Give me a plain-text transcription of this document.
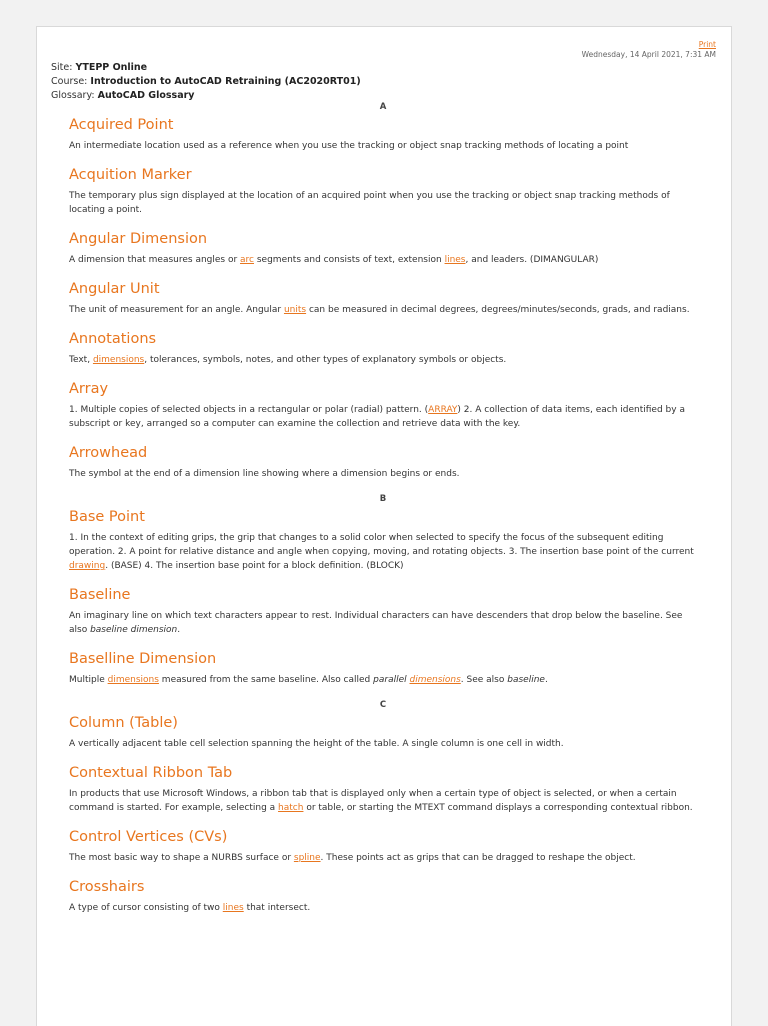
Print
Wednesday, 14 April 2021, 7:31 AM
Site: YTEPP Online
Course: Introduction to AutoCAD Retraining (AC2020RT01)
Glossary: AutoCAD Glossary
A
Acquired Point

An intermediate location used as a reference when you use the tracking or object snap tracking methods of locating a point

Acquition Marker

The temporary plus sign displayed at the location of an acquired point when you use the tracking or object snap tracking methods of locating a point.

Angular Dimension

A dimension that measures angles or arc segments and consists of text, extension lines, and leaders. (DIMANGULAR)

Angular Unit

The unit of measurement for an angle. Angular units can be measured in decimal degrees, degrees/minutes/seconds, grads, and radians.

Annotations

Text, dimensions, tolerances, symbols, notes, and other types of explanatory symbols or objects.

Array

1. Multiple copies of selected objects in a rectangular or polar (radial) pattern. (ARRAY) 2. A collection of data items, each identified by a subscript or key, arranged so a computer can examine the collection and retrieve data with the key.

Arrowhead

The symbol at the end of a dimension line showing where a dimension begins or ends.

B
Base Point

1. In the context of editing grips, the grip that changes to a solid color when selected to specify the focus of the subsequent editing operation. 2. A point for relative distance and angle when copying, moving, and rotating objects. 3. The insertion base point of the current drawing. (BASE) 4. The insertion base point for a block definition. (BLOCK)

Baseline

An imaginary line on which text characters appear to rest. Individual characters can have descenders that drop below the baseline. See also baseline dimension.

Baselline Dimension

Multiple dimensions measured from the same baseline. Also called parallel dimensions. See also baseline.

C
Column (Table)

A vertically adjacent table cell selection spanning the height of the table. A single column is one cell in width.

Contextual Ribbon Tab

In products that use Microsoft Windows, a ribbon tab that is displayed only when a certain type of object is selected, or when a certain command is started. For example, selecting a hatch or table, or starting the MTEXT command displays a corresponding contextual ribbon.

Control Vertices (CVs)

The most basic way to shape a NURBS surface or spline. These points act as grips that can be dragged to reshape the object.

Crosshairs

A type of cursor consisting of two lines that intersect.
